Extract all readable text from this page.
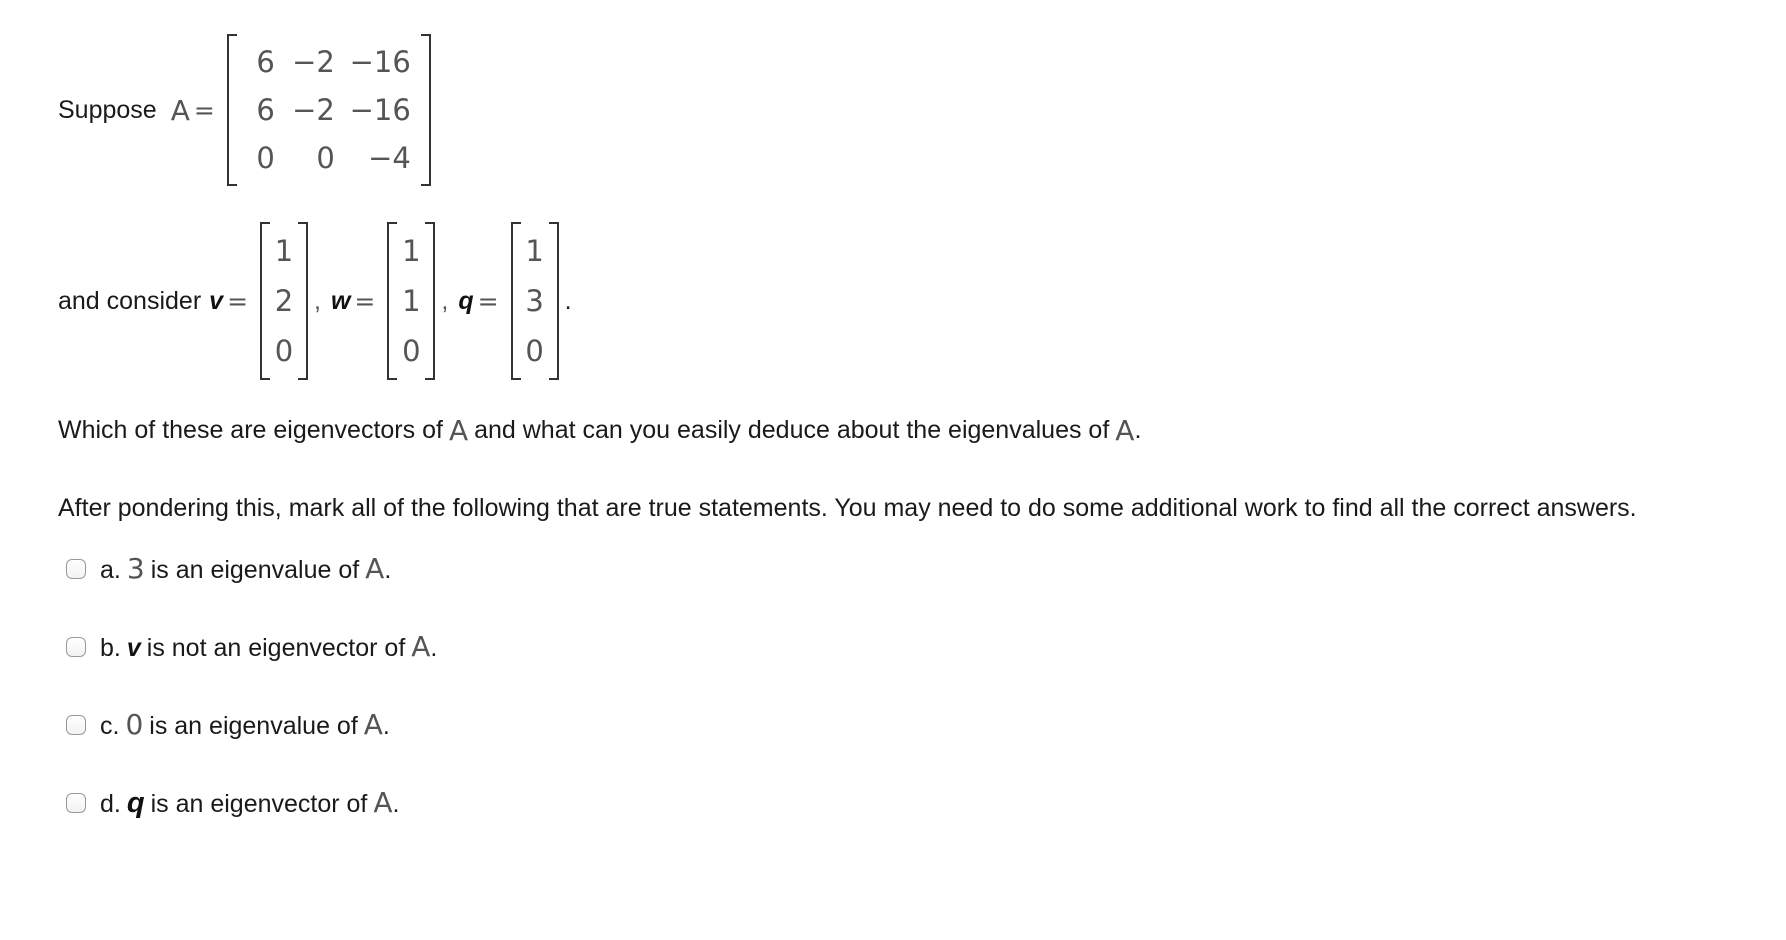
Suppose A =
6 −2 −16
6 −2 −16
0	0	−4
and consider v =
1
2
0
, w =
1
1
0
, q =
1
3
0
.
Which of these are eigenvectors of A and what can you easily deduce about the eigenvalues of A .
After pondering this, mark all of the following that are true statements. You may need to do some additional work to find all the correct answers.
a. 3 is an eigenvalue of A .
b. v is not an eigenvector of A .
c. 0 is an eigenvalue of A .
d. q is an eigenvector of A .
